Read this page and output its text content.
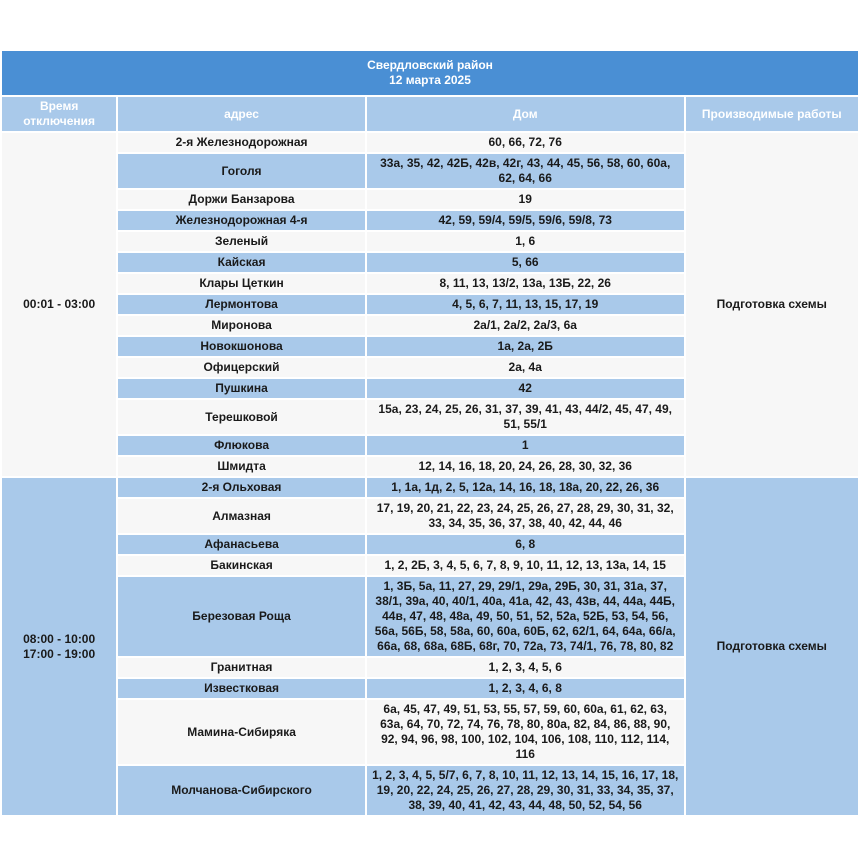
Свердловский район
12 марта 2025			
Время отключения	адрес	Дом	Производимые работы
00:01 - 03:00	2-я Железнодорожная	60, 66, 72, 76	Подготовка схемы
	Гоголя	33а, 35, 42, 42Б, 42в, 42г, 43, 44, 45, 56, 58, 60, 60а, 62, 64, 66	
	Доржи Банзарова	19	
	Железнодорожная 4-я	42, 59, 59/4, 59/5, 59/6, 59/8, 73	
	Зеленый	1, 6	
	Кайская	5, 66	
	Клары Цеткин	8, 11, 13, 13/2, 13а, 13Б, 22, 26	
	Лермонтова	4, 5, 6, 7, 11, 13, 15, 17, 19	
	Миронова	2а/1, 2а/2, 2а/3, 6а	
	Новокшонова	1а, 2а, 2Б	
	Офицерский	2а, 4а	
	Пушкина	42	
	Терешковой	15а, 23, 24, 25, 26, 31, 37, 39, 41, 43, 44/2, 45, 47, 49, 51, 55/1	
	Флюкова	1	
	Шмидта	12, 14, 16, 18, 20, 24, 26, 28, 30, 32, 36	
08:00 - 10:00
17:00 - 19:00	2-я Ольховая	1, 1а, 1д, 2, 5, 12а, 14, 16, 18, 18а, 20, 22, 26, 36	Подготовка схемы
	Алмазная	17, 19, 20, 21, 22, 23, 24, 25, 26, 27, 28, 29, 30, 31, 32, 33, 34, 35, 36, 37, 38, 40, 42, 44, 46	
	Афанасьева	6, 8	
	Бакинская	1, 2, 2Б, 3, 4, 5, 6, 7, 8, 9, 10, 11, 12, 13, 13а, 14, 15	
	Березовая Роща	1, 3Б, 5а, 11, 27, 29, 29/1, 29а, 29Б, 30, 31, 31а, 37, 38/1, 39а, 40, 40/1, 40а, 41а, 42, 43, 43в, 44, 44а, 44Б, 44в, 47, 48, 48а, 49, 50, 51, 52, 52а, 52Б, 53, 54, 56, 56а, 56Б, 58, 58а, 60, 60а, 60Б, 62, 62/1, 64, 64а, 66/а, 66а, 68, 68а, 68Б, 68г, 70, 72а, 73, 74/1, 76, 78, 80, 82	
	Гранитная	1, 2, 3, 4, 5, 6	
	Известковая	1, 2, 3, 4, 6, 8	
	Мамина-Сибиряка	6а, 45, 47, 49, 51, 53, 55, 57, 59, 60, 60а, 61, 62, 63, 63а, 64, 70, 72, 74, 76, 78, 80, 80а, 82, 84, 86, 88, 90, 92, 94, 96, 98, 100, 102, 104, 106, 108, 110, 112, 114, 116	
	Молчанова-Сибирского	1, 2, 3, 4, 5, 5/7, 6, 7, 8, 10, 11, 12, 13, 14, 15, 16, 17, 18, 19, 20, 22, 24, 25, 26, 27, 28, 29, 30, 31, 33, 34, 35, 37, 38, 39, 40, 41, 42, 43, 44, 48, 50, 52, 54, 56	
